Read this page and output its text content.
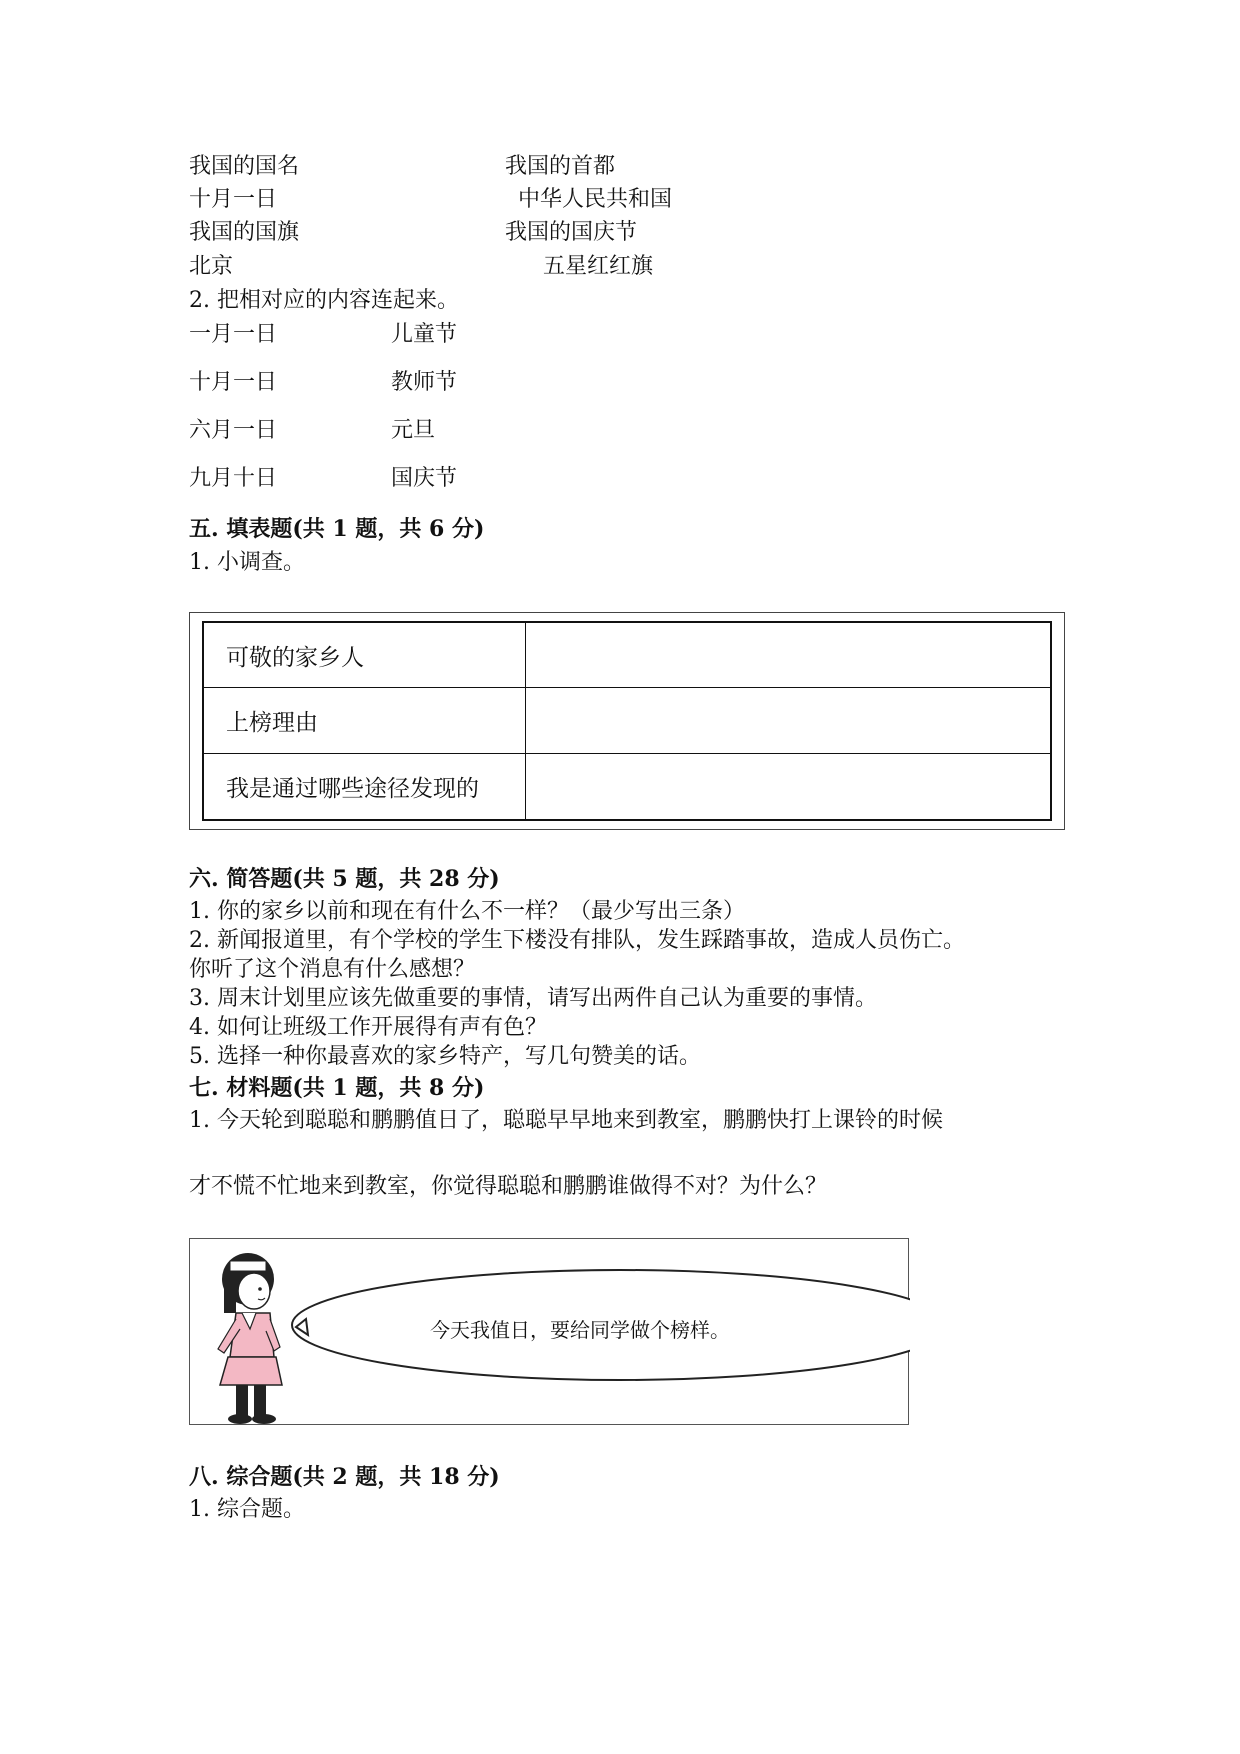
我国的国名	我国的首都
十月一日	中华人民共和国
我国的国旗	我国的国庆节
北京	五星红红旗
2. 把相对应的内容连起来。
一月一日	儿童节
十月一日	教师节
六月一日	元旦
九月十日	国庆节
五. 填表题(共 1 题，共 6 分)
1. 小调查。
可敬的家乡人
上榜理由
我是通过哪些途径发现的
六. 简答题(共 5 题，共 28 分)
1. 你的家乡以前和现在有什么不一样？（最少写出三条）
2. 新闻报道里，有个学校的学生下楼没有排队，发生踩踏事故，造成人员伤亡。
你听了这个消息有什么感想？
3. 周末计划里应该先做重要的事情，请写出两件自己认为重要的事情。
4. 如何让班级工作开展得有声有色？
5. 选择一种你最喜欢的家乡特产，写几句赞美的话。
七. 材料题(共 1 题，共 8 分)
1. 今天轮到聪聪和鹏鹏值日了，聪聪早早地来到教室，鹏鹏快打上课铃的时候
才不慌不忙地来到教室，你觉得聪聪和鹏鹏谁做得不对？为什么？
今天我值日，要给同学做个榜样。
八. 综合题(共 2 题，共 18 分)
1. 综合题。
